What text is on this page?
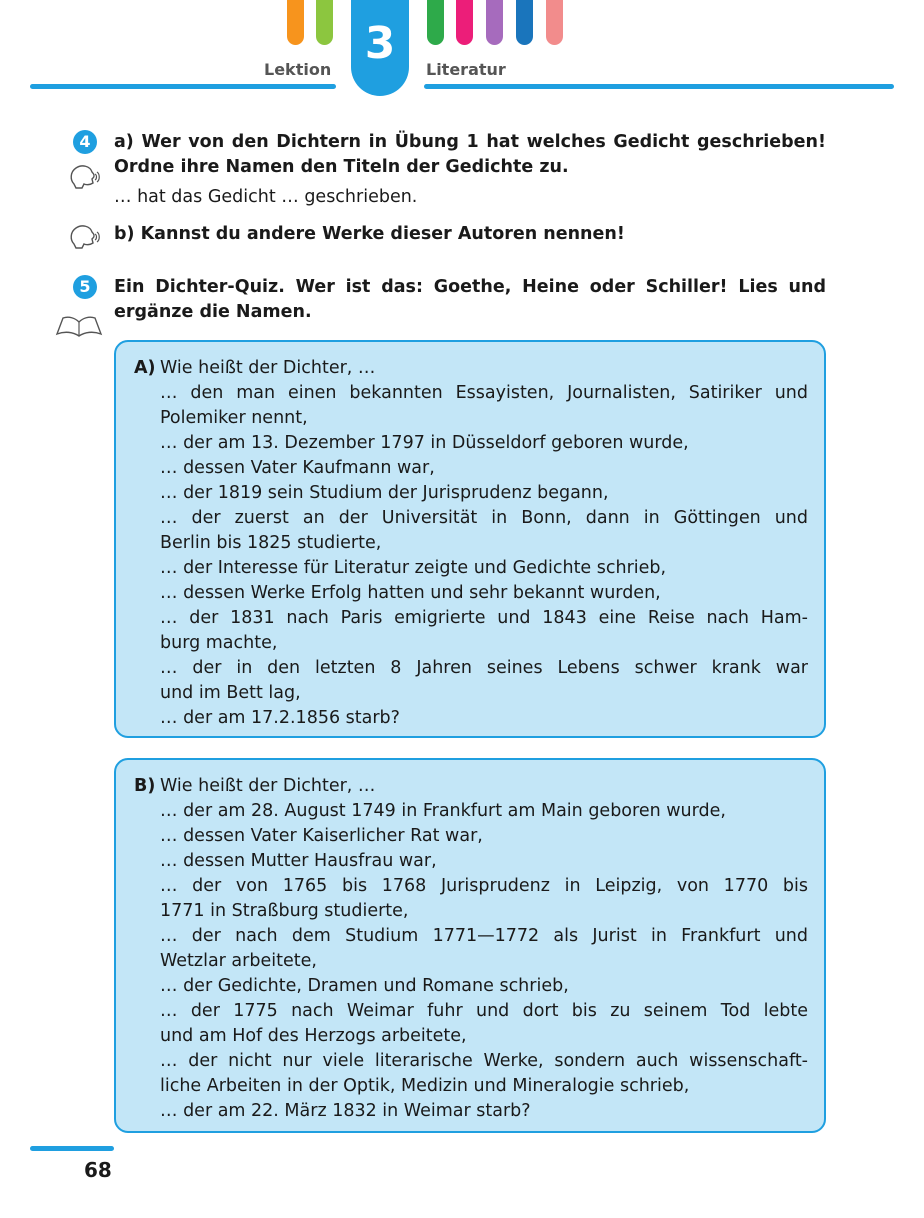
Lektion
3
Literatur
4	a) Wer von den Dichtern in Übung 1 hat welches Gedicht geschrieben!
Ordne ihre Namen den Titeln der Gedichte zu.
… hat das Gedicht … geschrieben.
b) Kannst du andere Werke dieser Autoren nennen!
5	Ein Dichter-Quiz. Wer ist das: Goethe, Heine oder Schiller! Lies und
ergänze die Namen.
A) Wie heißt der Dichter, …
… den man einen bekannten Essayisten, Journalisten, Satiriker und
Polemiker nennt,
… der am 13. Dezember 1797 in Düsseldorf geboren wurde,
… dessen Vater Kaufmann war,
… der 1819 sein Studium der Jurisprudenz begann,
… der zuerst an der Universität in Bonn, dann in Göttingen und
Berlin bis 1825 studierte,
… der Interesse für Literatur zeigte und Gedichte schrieb,
… dessen Werke Erfolg hatten und sehr bekannt wurden,
… der 1831 nach Paris emigrierte und 1843 eine Reise nach Ham-
burg machte,
… der in den letzten 8 Jahren seines Lebens schwer krank war
und im Bett lag,
… der am 17.2.1856 starb?
B) Wie heißt der Dichter, …
… der am 28. August 1749 in Frankfurt am Main geboren wurde,
… dessen Vater Kaiserlicher Rat war,
… dessen Mutter Hausfrau war,
… der von 1765 bis 1768 Jurisprudenz in Leipzig, von 1770 bis
1771 in Straßburg studierte,
… der nach dem Studium 1771—1772 als Jurist in Frankfurt und
Wetzlar arbeitete,
… der Gedichte, Dramen und Romane schrieb,
… der 1775 nach Weimar fuhr und dort bis zu seinem Tod lebte
und am Hof des Herzogs arbeitete,
… der nicht nur viele literarische Werke, sondern auch wissenschaft-
liche Arbeiten in der Optik, Medizin und Mineralogie schrieb,
… der am 22. März 1832 in Weimar starb?
68
